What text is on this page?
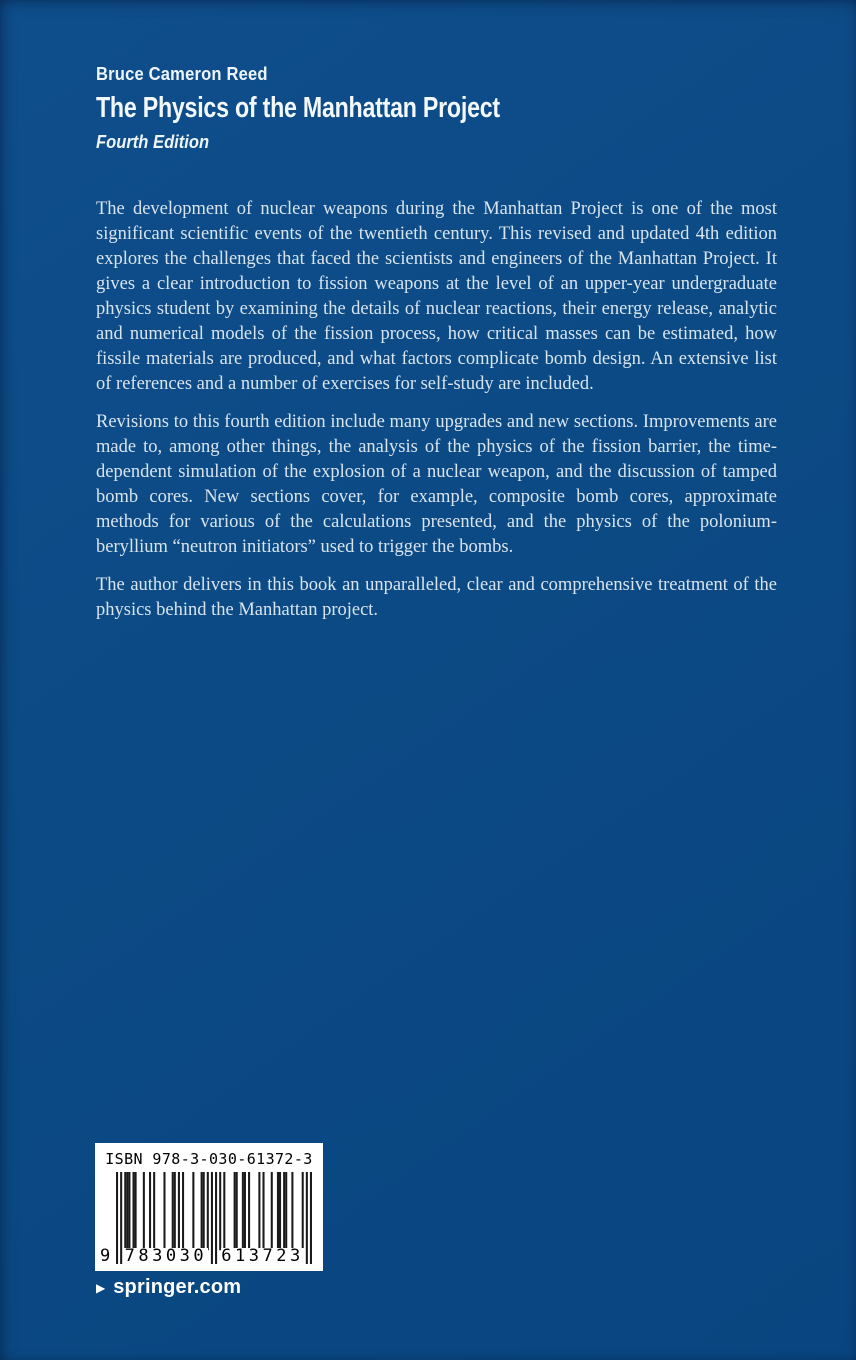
Bruce Cameron Reed
The Physics of the Manhattan Project
Fourth Edition

The development of nuclear weapons during the Manhattan Project is one of the most significant scientific events of the twentieth century. This revised and updated 4th edition explores the challenges that faced the scientists and engineers of the Manhattan Project. It gives a clear introduction to fission weapons at the level of an upper-year undergraduate physics student by examining the details of nuclear reactions, their energy release, analytic and numerical models of the fission process, how critical masses can be estimated, how fissile materials are produced, and what factors complicate bomb design. An extensive list of references and a number of exercises for self-study are included.

Revisions to this fourth edition include many upgrades and new sections. Improvements are made to, among other things, the analysis of the physics of the fission barrier, the time-dependent simulation of the explosion of a nuclear weapon, and the discussion of tamped bomb cores. New sections cover, for example, composite bomb cores, approximate methods for various of the calculations presented, and the physics of the polonium-beryllium “neutron initiators” used to trigger the bombs.

The author delivers in this book an unparalleled, clear and comprehensive treatment of the physics behind the Manhattan project.

ISBN 978-3-030-61372-3
9 783030 613723
▶ springer.com
